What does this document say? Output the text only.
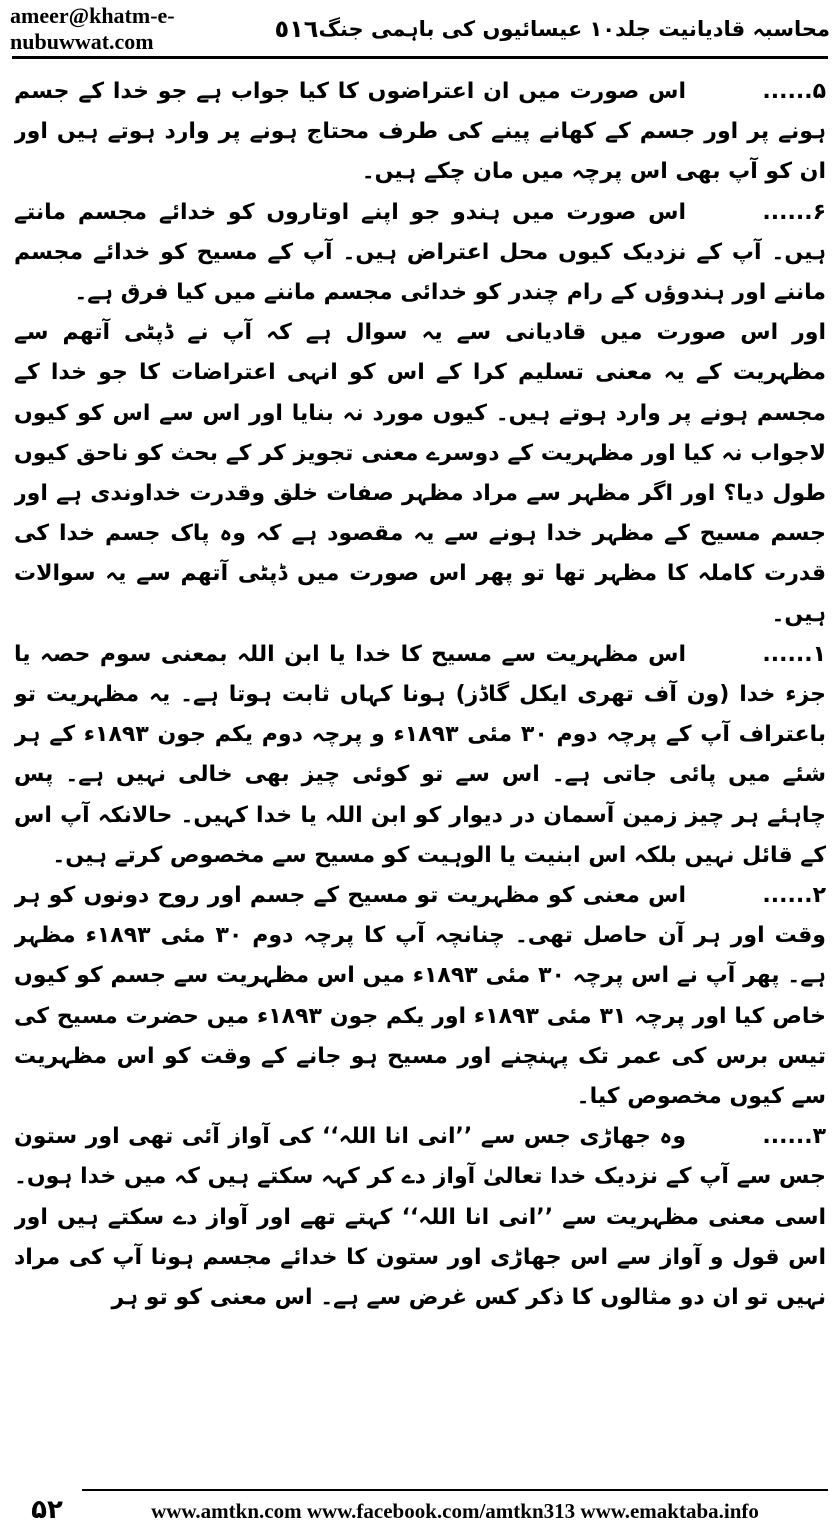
ameer@khatm-e-nubuwwat.com	٥١٦ محاسبہ قادیانیت جلد۱۰ عیسائیوں کی باہمی جنگ

۵......اس صورت میں ان اعتراضوں کا کیا جواب ہے جو خدا کے جسم ہونے پر اور جسم کے کھانے پینے کی طرف محتاج ہونے پر وارد ہوتے ہیں اور ان کو آپ بھی اس پرچہ میں مان چکے ہیں۔

۶......اس صورت میں ہندو جو اپنے اوتاروں کو خدائے مجسم مانتے ہیں۔ آپ کے نزدیک کیوں محل اعتراض ہیں۔ آپ کے مسیح کو خدائے مجسم ماننے اور ہندوؤں کے رام چندر کو خدائی مجسم ماننے میں کیا فرق ہے۔

اور اس صورت میں قادیانی سے یہ سوال ہے کہ آپ نے ڈپٹی آتھم سے مظہریت کے یہ معنی تسلیم کرا کے اس کو انہی اعتراضات کا جو خدا کے مجسم ہونے پر وارد ہوتے ہیں۔ کیوں مورد نہ بنایا اور اس سے اس کو کیوں لاجواب نہ کیا اور مظہریت کے دوسرے معنی تجویز کر کے بحث کو ناحق کیوں طول دیا؟ اور اگر مظہر سے مراد مظہر صفات خلق وقدرت خداوندی ہے اور جسم مسیح کے مظہر خدا ہونے سے یہ مقصود ہے کہ وہ پاک جسم خدا کی قدرت کاملہ کا مظہر تھا تو پھر اس صورت میں ڈپٹی آتھم سے یہ سوالات ہیں۔

۱......اس مظہریت سے مسیح کا خدا یا ابن اللہ بمعنی سوم حصہ یا جزء خدا (ون آف تھری ایکل گاڈز) ہونا کہاں ثابت ہوتا ہے۔ یہ مظہریت تو باعتراف آپ کے پرچہ دوم ۳۰ مئی ۱۸۹۳ء و پرچہ دوم یکم جون ۱۸۹۳ء کے ہر شئے میں پائی جاتی ہے۔ اس سے تو کوئی چیز بھی خالی نہیں ہے۔ پس چاہئے ہر چیز زمین آسمان در دیوار کو ابن اللہ یا خدا کہیں۔ حالانکہ آپ اس کے قائل نہیں بلکہ اس ابنیت یا الوہیت کو مسیح سے مخصوص کرتے ہیں۔

۲......اس معنی کو مظہریت تو مسیح کے جسم اور روح دونوں کو ہر وقت اور ہر آن حاصل تھی۔ چنانچہ آپ کا پرچہ دوم ۳۰ مئی ۱۸۹۳ء مظہر ہے۔ پھر آپ نے اس پرچہ ۳۰ مئی ۱۸۹۳ء میں اس مظہریت سے جسم کو کیوں خاص کیا اور پرچہ ۳۱ مئی ۱۸۹۳ء اور یکم جون ۱۸۹۳ء میں حضرت مسیح کی تیس برس کی عمر تک پہنچنے اور مسیح ہو جانے کے وقت کو اس مظہریت سے کیوں مخصوص کیا۔

۳......وہ جھاڑی جس سے ’’انی انا اللہ‘‘ کی آواز آئی تھی اور ستون جس سے آپ کے نزدیک خدا تعالیٰ آواز دے کر کہہ سکتے ہیں کہ میں خدا ہوں۔ اسی معنی مظہریت سے ’’انی انا اللہ‘‘ کہتے تھے اور آواز دے سکتے ہیں اور اس قول و آواز سے اس جھاڑی اور ستون کا خدائے مجسم ہونا آپ کی مراد نہیں تو ان دو مثالوں کا ذکر کس غرض سے ہے۔ اس معنی کو تو ہر

۵۲	www.amtkn.com www.facebook.com/amtkn313 www.emaktaba.info
